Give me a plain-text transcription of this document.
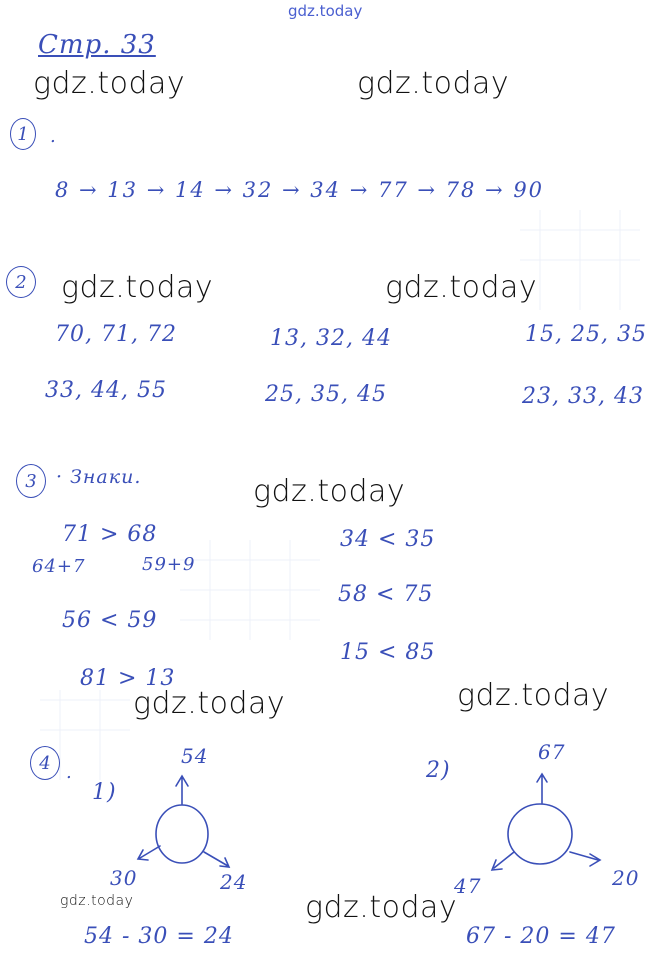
gdz.today
Стр. 33
gdz.today	gdz.today
1 .
8 → 13 → 14 → 32 → 34 → 77 → 78 → 90
2 gdz.today	gdz.today
70, 71, 72	13, 32, 44	15, 25, 35
33, 44, 55	25, 35, 45	23, 33, 43
3 · Знаки.	gdz.today
71 > 68
64+7	59+9
56 < 59
81 > 13
34 < 35
58 < 75
15 < 85
gdz.today	gdz.today
4 .
1)
2)
54
30	24
54 - 30 = 24
67
47	20
67 - 20 = 47
gdz.today	gdz.today
